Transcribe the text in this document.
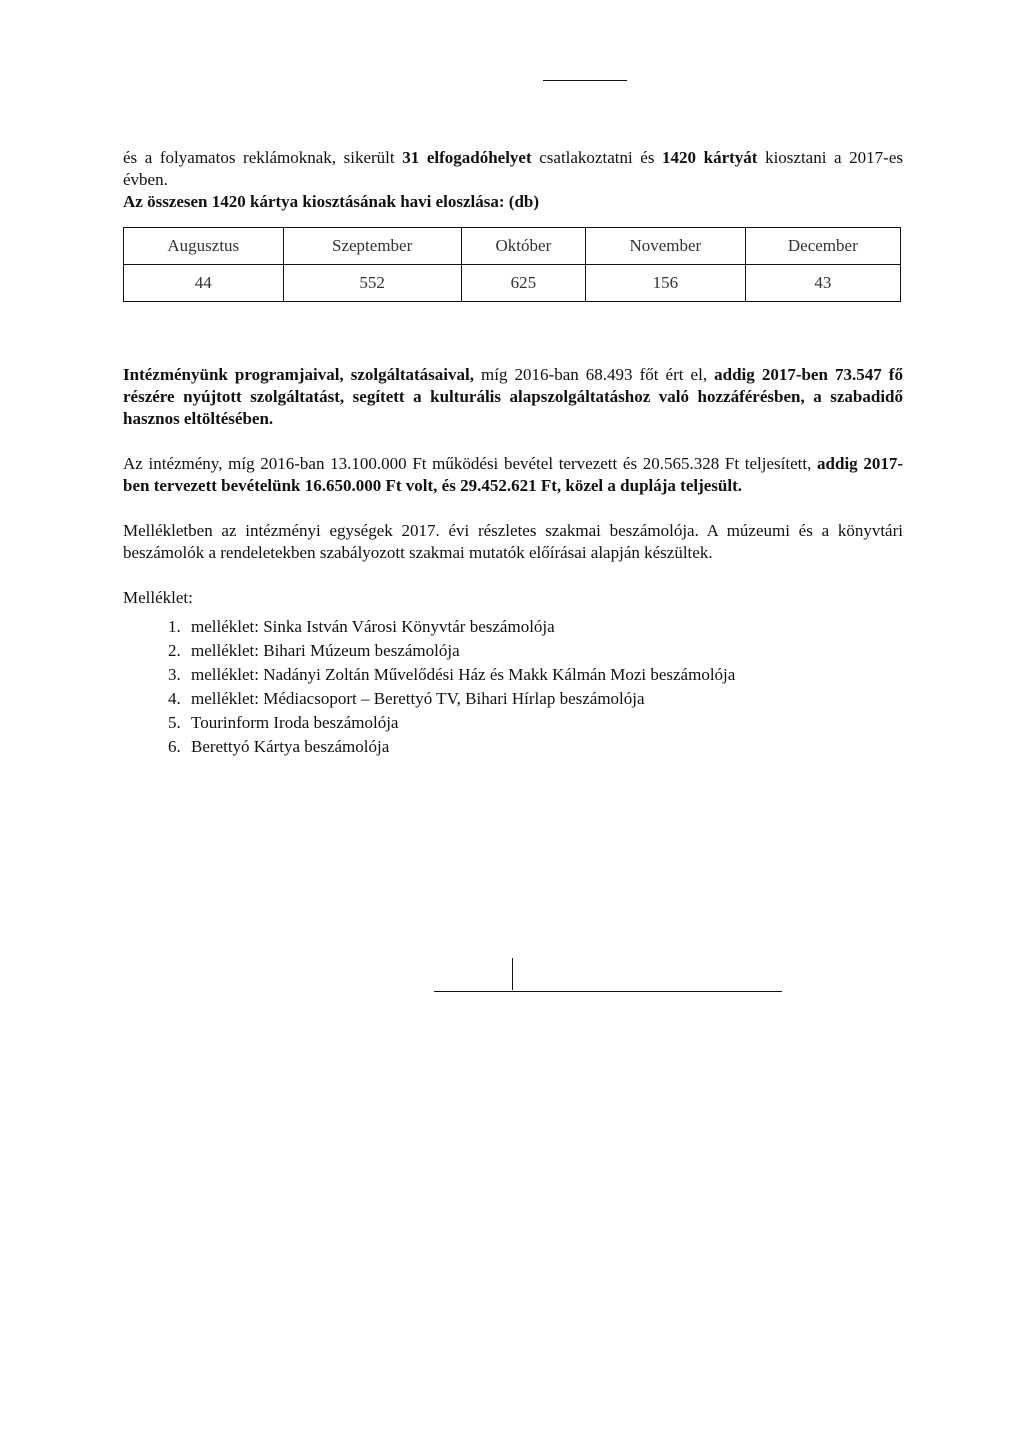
és a folyamatos reklámoknak, sikerült 31 elfogadóhelyet csatlakoztatni és 1420 kártyát kiosztani a 2017-es évben.

Az összesen 1420 kártya kiosztásának havi eloszlása: (db)

Augusztus	Szeptember	Október	November	December
44	552	625	156	43

Intézményünk programjaival, szolgáltatásaival, míg 2016-ban 68.493 főt ért el, addig 2017-ben 73.547 fő részére nyújtott szolgáltatást, segített a kulturális alapszolgáltatáshoz való hozzáférésben, a szabadidő hasznos eltöltésében.

Az intézmény, míg 2016-ban 13.100.000 Ft működési bevétel tervezett és 20.565.328 Ft teljesített, addig 2017-ben tervezett bevételünk 16.650.000 Ft volt, és 29.452.621 Ft, közel a duplája teljesült.

Mellékletben az intézményi egységek 2017. évi részletes szakmai beszámolója. A múzeumi és a könyvtári beszámolók a rendeletekben szabályozott szakmai mutatók előírásai alapján készültek.

Melléklet:

1. melléklet: Sinka István Városi Könyvtár beszámolója
2. melléklet: Bihari Múzeum beszámolója
3. melléklet: Nadányi Zoltán Művelődési Ház és Makk Kálmán Mozi beszámolója
4. melléklet: Médiacsoport – Berettyó TV, Bihari Hírlap beszámolója
5. Tourinform Iroda beszámolója
6. Berettyó Kártya beszámolója
